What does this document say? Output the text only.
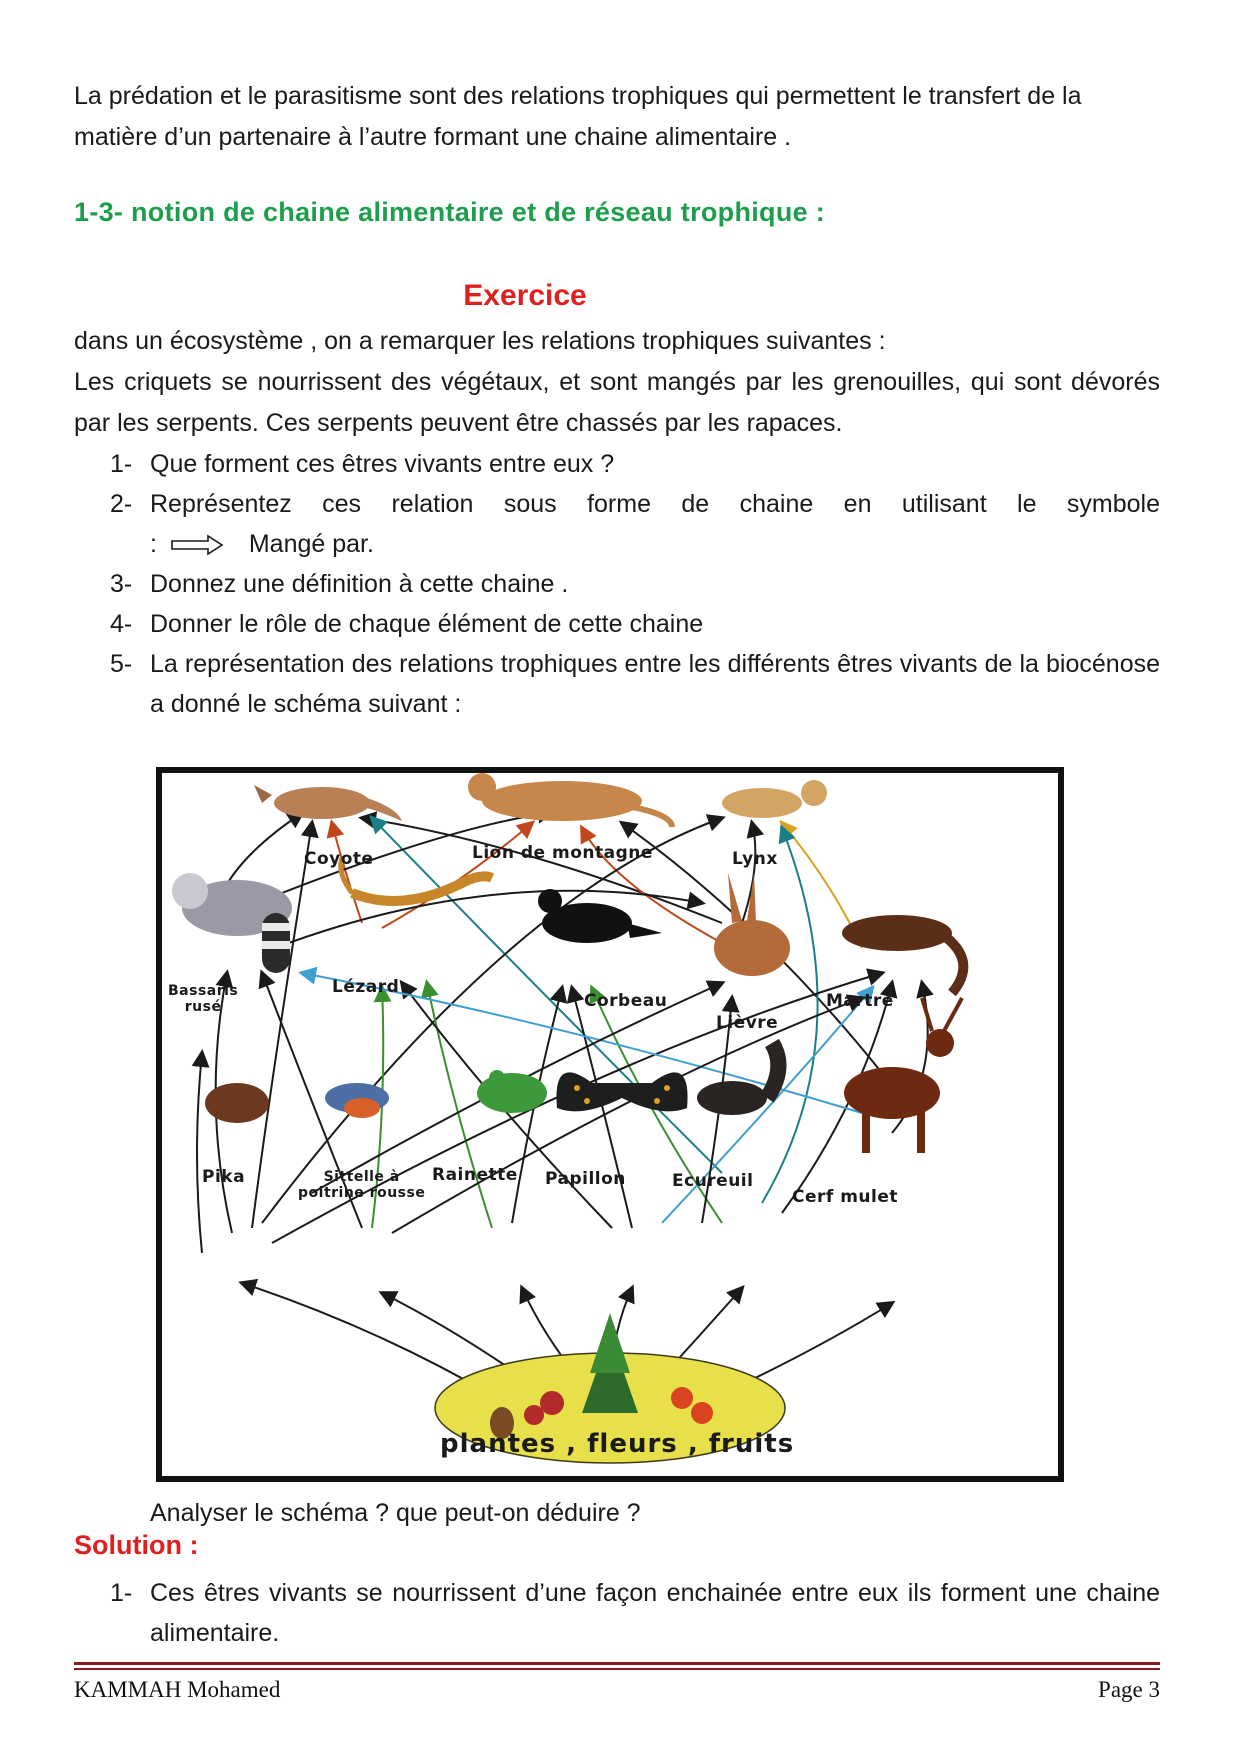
La prédation et le parasitisme sont des relations trophiques qui permettent le transfert de la matière d’un partenaire à l’autre formant une chaine alimentaire .

1-3- notion de chaine alimentaire et de réseau trophique :
Exercice

dans un écosystème , on a remarquer les relations trophiques suivantes :

Les criquets se nourrissent des végétaux, et sont mangés par les grenouilles, qui sont dévorés par les serpents. Ces serpents peuvent être chassés par les rapaces.

1- Que forment ces êtres vivants entre eux ?
2- Représentez ces relation sous forme de chaine en utilisant le symbole
:	Mangé par.
3- Donnez une définition à cette chaine .
4- Donner le rôle de chaque élément de cette chaine
5- La représentation des relations trophiques entre les différents êtres vivants de la biocénose a donné le schéma suivant :
Coyote	Lion de montagne	Lynx
Bassaris
rusé
Lézard
Corbeau
Lièvre
Martre
Pika	Sittelle à
poitrine rousse
Rainette Papillon	Ecureuil
Cerf mulet
plantes , fleurs , fruits

Analyser le schéma ? que peut-on déduire ?

Solution :
1- Ces êtres vivants se nourrissent d’une façon enchainée entre eux ils forment une chaine alimentaire.
KAMMAH Mohamed	Page 3
